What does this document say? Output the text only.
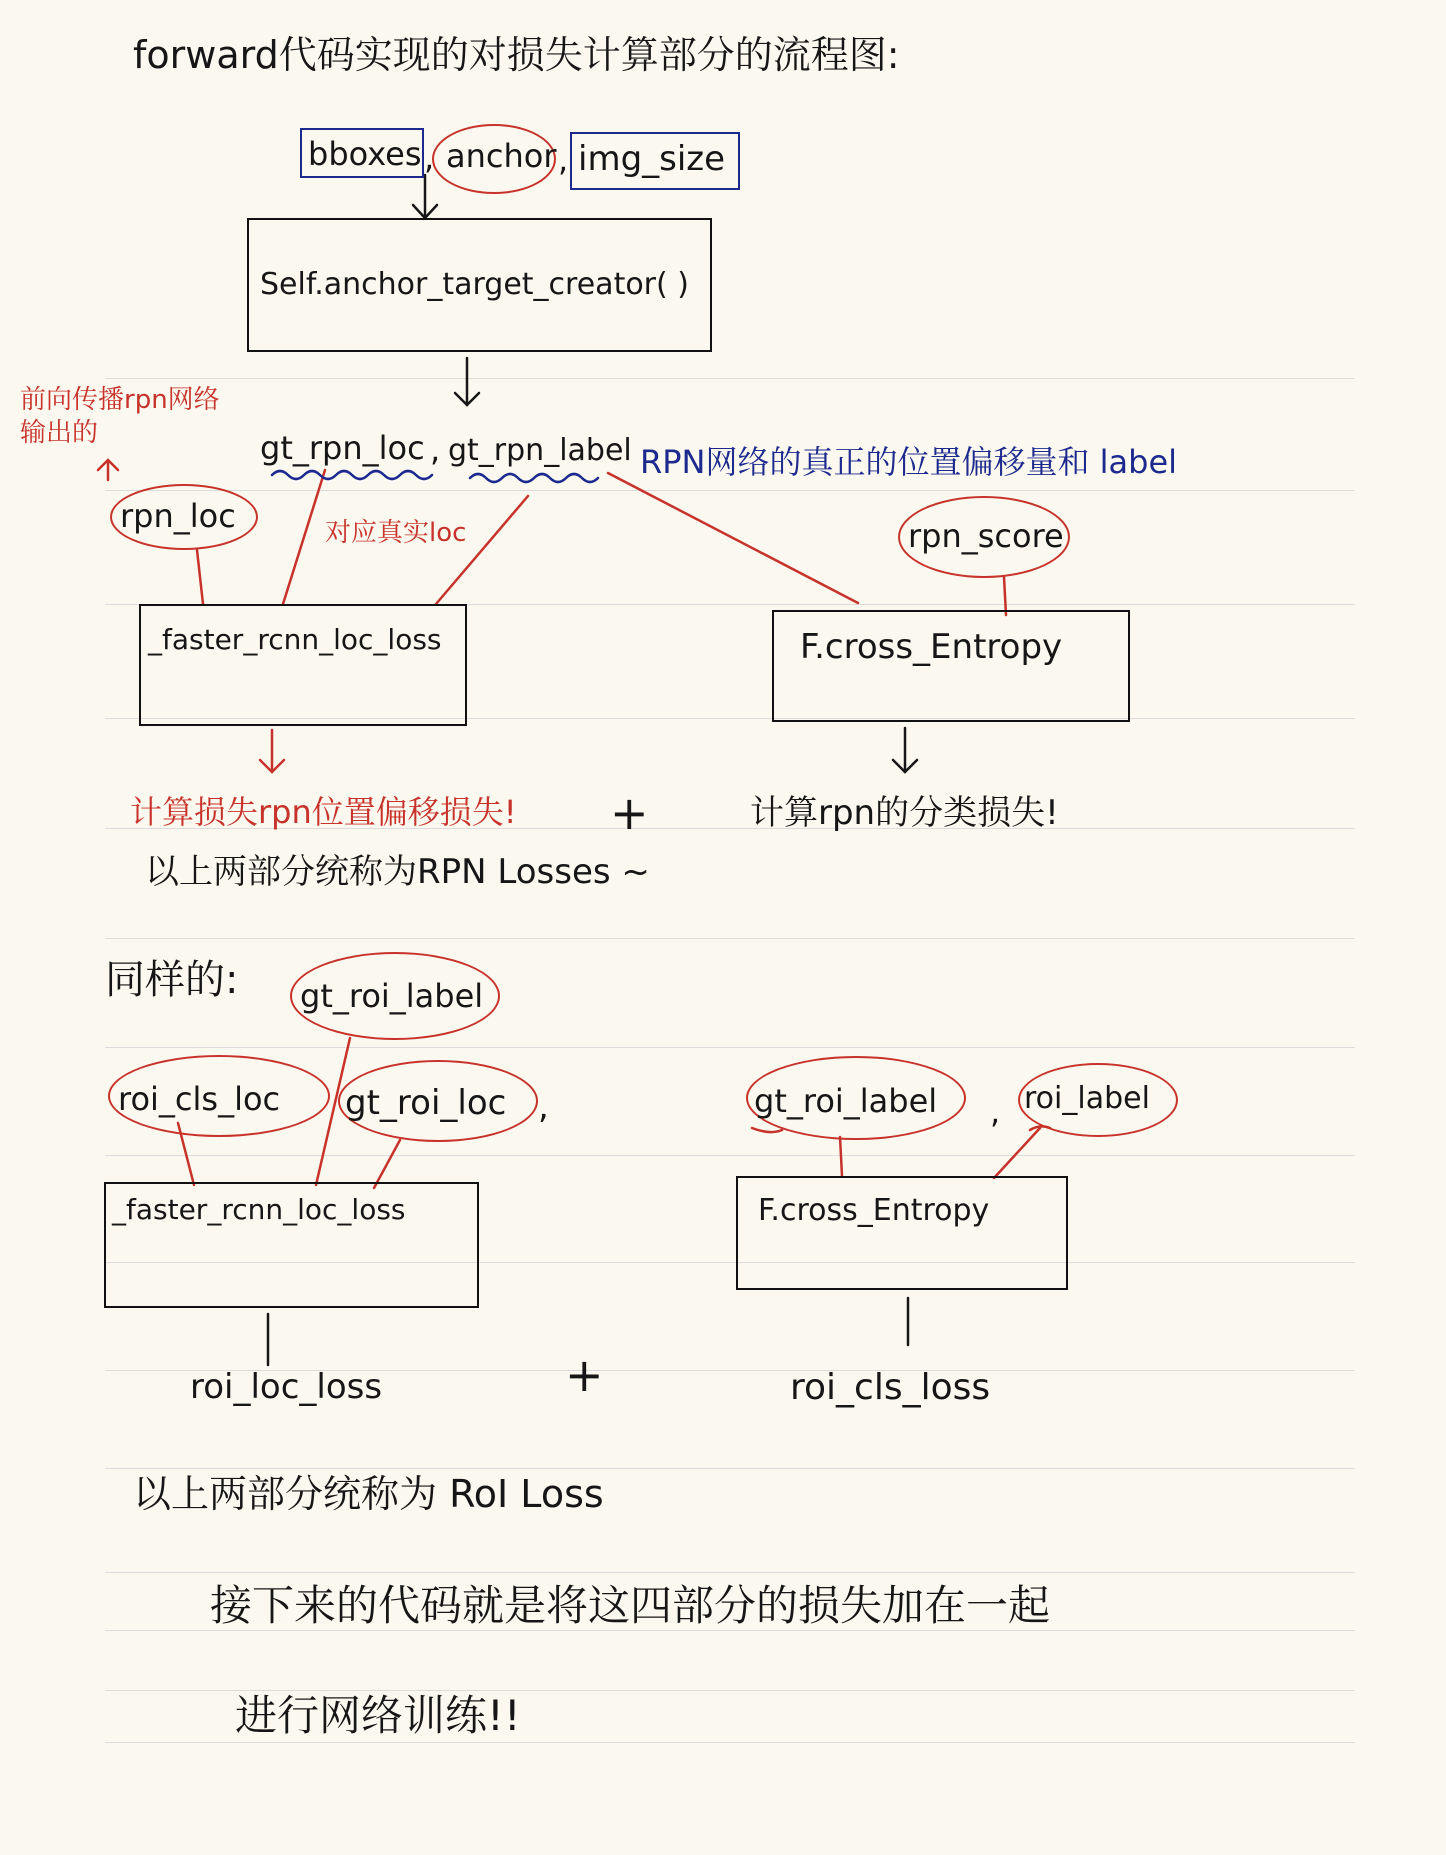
forward代码实现的对损失计算部分的流程图:
bboxes , anchor , img_size
Self.anchor_target_creator( )
前向传播rpn网络
输出的	gt_rpn_loc , gt_rpn_label RPN网络的真正的位置偏移量和 label
rpn_loc	对应真实loc	rpn_score
_faster_rcnn_loc_loss	F.cross_Entropy
计算损失rpn位置偏移损失! +	计算rpn的分类损失!
以上两部分统称为RPN Losses ~
同样的: gt_roi_label
roi_cls_loc gt_roi_loc ,	gt_roi_label , roi_label
_faster_rcnn_loc_loss	F.cross_Entropy
roi_loc_loss	+	roi_cls_loss
以上两部分统称为 RoI Loss
接下来的代码就是将这四部分的损失加在一起
进行网络训练!!
